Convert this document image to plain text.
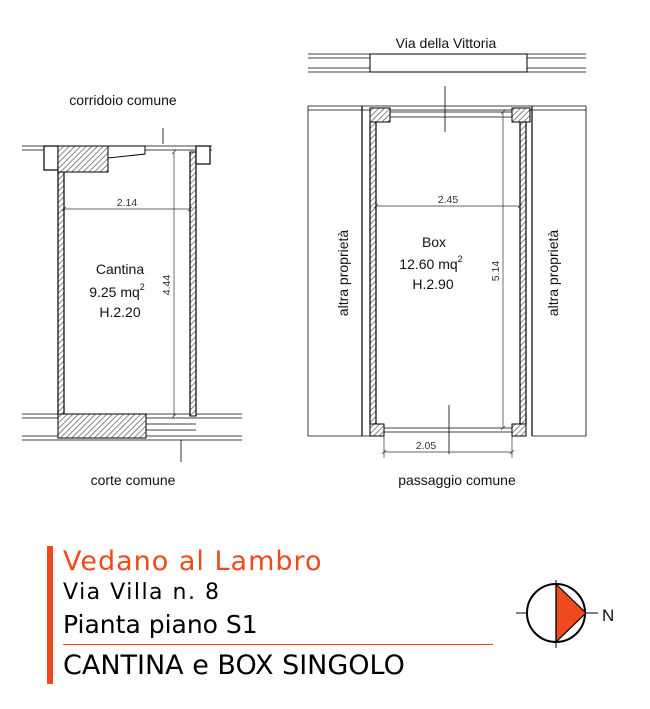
2.14
4.44
Cantina
9.25 $mq^2$
H.2.20
corridoio comune
corte comune
2.45
5.14
2.05
Box
12.60 $mq^2$
H.2.90
Via della Vittoria
altra proprietà	altra proprietà
passaggio comune
N
Vedano al Lambro
Via Villa n. 8
Pianta piano S1
CANTINA e BOX SINGOLO
